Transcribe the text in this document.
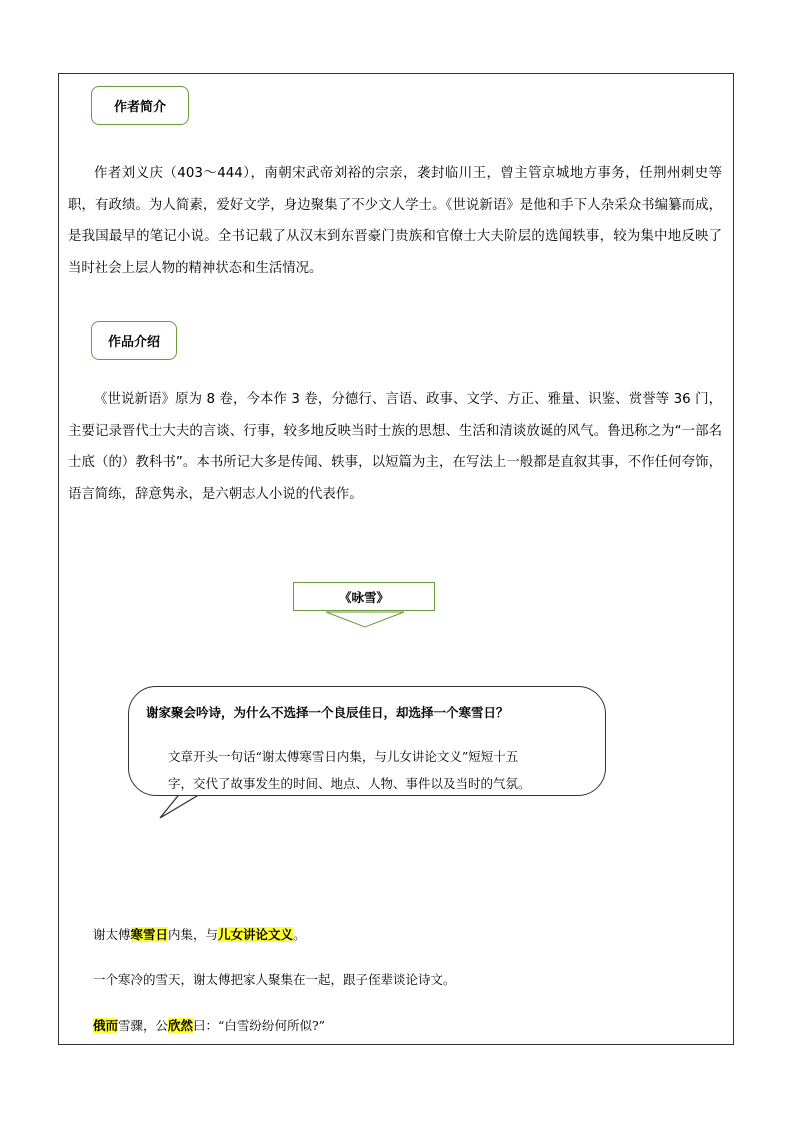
作者简介

作者刘义庆（403～444），南朝宋武帝刘裕的宗亲，袭封临川王，曾主管京城地方事务，任荆州刺史等职，有政绩。为人简素，爱好文学，身边聚集了不少文人学士。《世说新语》是他和手下人杂采众书编纂而成，是我国最早的笔记小说。全书记载了从汉末到东晋豪门贵族和官僚士大夫阶层的选闻轶事，较为集中地反映了当时社会上层人物的精神状态和生活情况。

作品介绍

《世说新语》原为 8 卷，今本作 3 卷，分德行、言语、政事、文学、方正、雅量、识鉴、赏誉等 36 门，主要记录晋代士大夫的言谈、行事，较多地反映当时士族的思想、生活和清谈放诞的风气。鲁迅称之为“一部名士底（的）教科书”。本书所记大多是传闻、轶事，以短篇为主，在写法上一般都是直叙其事，不作任何夸饰，语言简练，辞意隽永，是六朝志人小说的代表作。

《咏雪》

谢家聚会吟诗，为什么不选择一个良辰佳日，却选择一个寒雪日？

文章开头一句话“谢太傅寒雪日内集，与儿女讲论文义”短短十五

字，交代了故事发生的时间、地点、人物、事件以及当时的气氛。

谢太傅寒雪日内集，与儿女讲论文义。

一个寒冷的雪天，谢太傅把家人聚集在一起，跟子侄辈谈论诗文。

俄而雪骤，公欣然曰：“白雪纷纷何所似?”
